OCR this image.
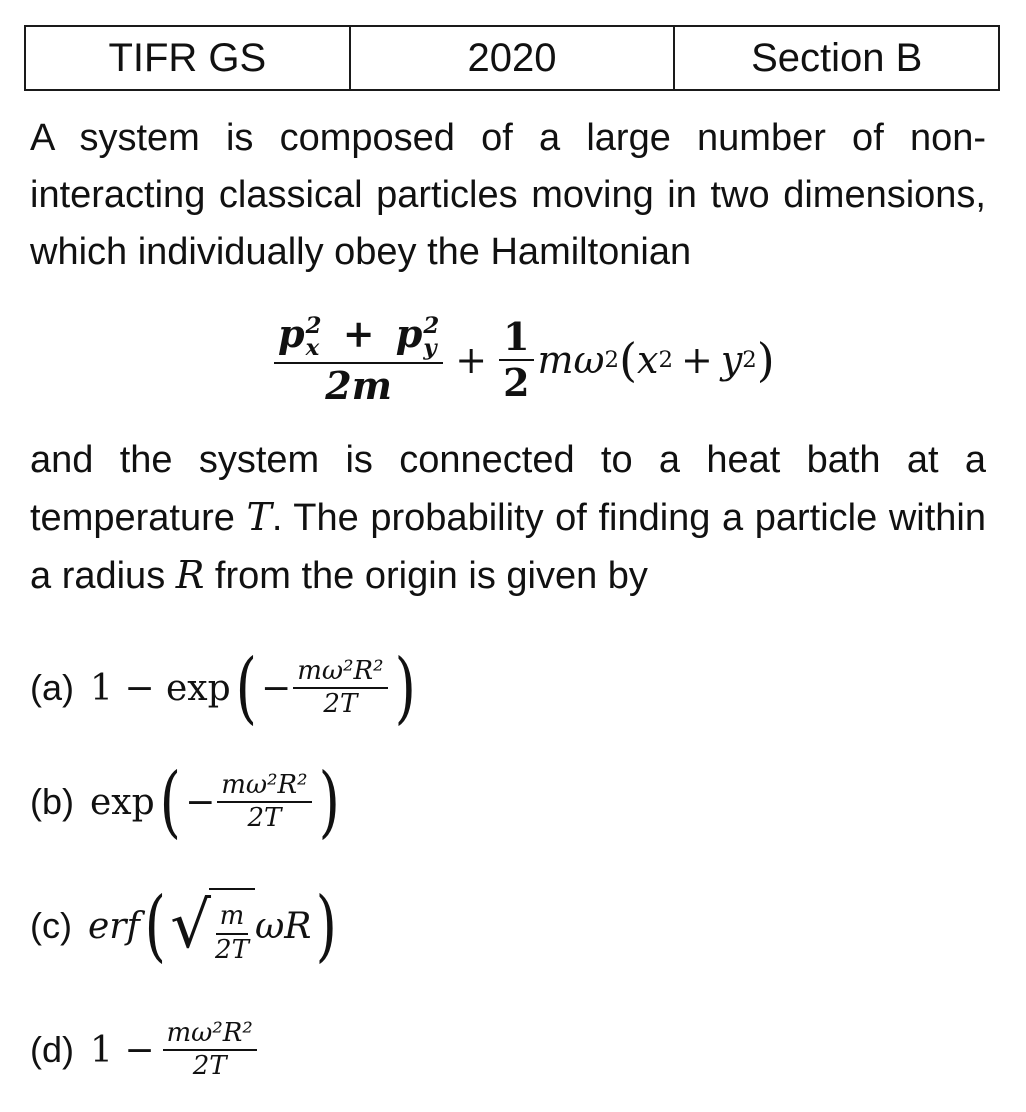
TIFR GS	2020	Section B

A system is composed of a large number of non-interacting classical particles moving in two dimensions, which individually obey the Hamiltonian

p 2
x + p 2
y
$2m + \frac{1}{2}$ mω 2 ( x 2 + y 2 )

and the system is connected to a heat bath at a temperature T. The probability of finding a particle within a radius R from the origin is given by

(a) 1 − exp ( − $\frac{\text{mω²R²}}{2T}$ )
(b) exp ( − $\frac{\text{mω²R²}}{2T}$ )
(c) erf ( √ $\frac{m}{2T}$ ωR )
(d) $1 - \frac{\text{mω²R²}}{2T}$
